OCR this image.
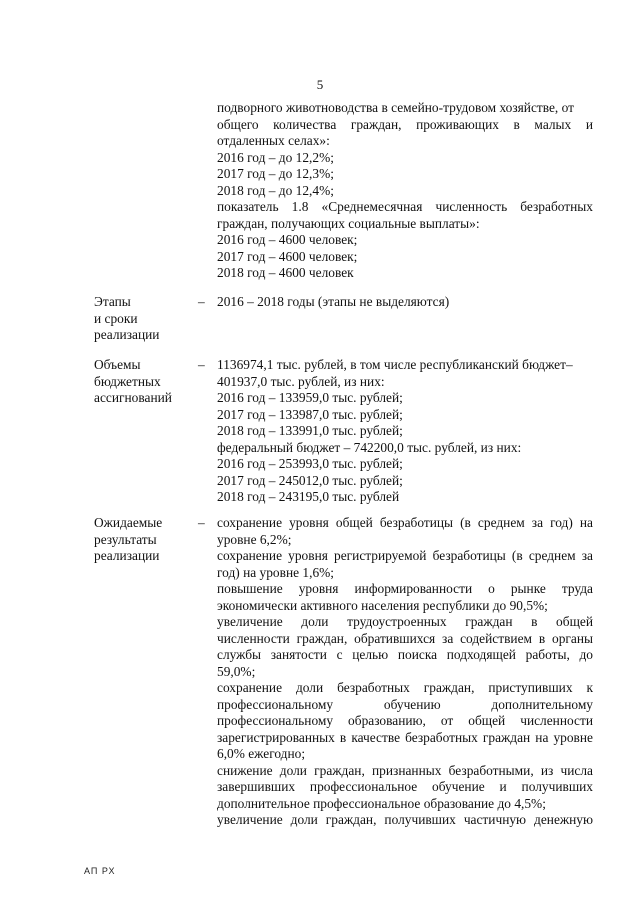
5
подворного животноводства в семейно-трудовом хозяйстве, от
общего количества граждан, проживающих в малых и
отдаленных селах»:
2016 год – до 12,2%;
2017 год – до 12,3%;
2018 год – до 12,4%;
показатель 1.8 «Среднемесячная численность безработных
граждан, получающих социальные выплаты»:
2016 год – 4600 человек;
2017 год – 4600 человек;
2018 год – 4600 человек
Этапы
и сроки
реализации
– 2016 – 2018 годы (этапы не выделяются)
Объемы
бюджетных
ассигнований
– 1136974,1 тыс. рублей, в том числе республиканский бюджет–
401937,0 тыс. рублей, из них:
2016 год – 133959,0 тыс. рублей;
2017 год – 133987,0 тыс. рублей;
2018 год – 133991,0 тыс. рублей;
федеральный бюджет – 742200,0 тыс. рублей, из них:
2016 год – 253993,0 тыс. рублей;
2017 год – 245012,0 тыс. рублей;
2018 год – 243195,0 тыс. рублей
Ожидаемые
результаты
реализации
– сохранение уровня общей безработицы (в среднем за год) на
уровне 6,2%;
сохранение уровня регистрируемой безработицы (в среднем за
год) на уровне 1,6%;
повышение уровня информированности о рынке труда
экономически активного населения республики до 90,5%;
увеличение доли трудоустроенных граждан в общей
численности граждан, обратившихся за содействием в органы
службы занятости с целью поиска подходящей работы, до
59,0%;
сохранение доли безработных граждан, приступивших к
профессиональному обучению дополнительному
профессиональному образованию, от общей численности
зарегистрированных в качестве безработных граждан на уровне
6,0% ежегодно;
снижение доли граждан, признанных безработными, из числа
завершивших профессиональное обучение и получивших
дополнительное профессиональное образование до 4,5%;
увеличение доли граждан, получивших частичную денежную
АП РХ
